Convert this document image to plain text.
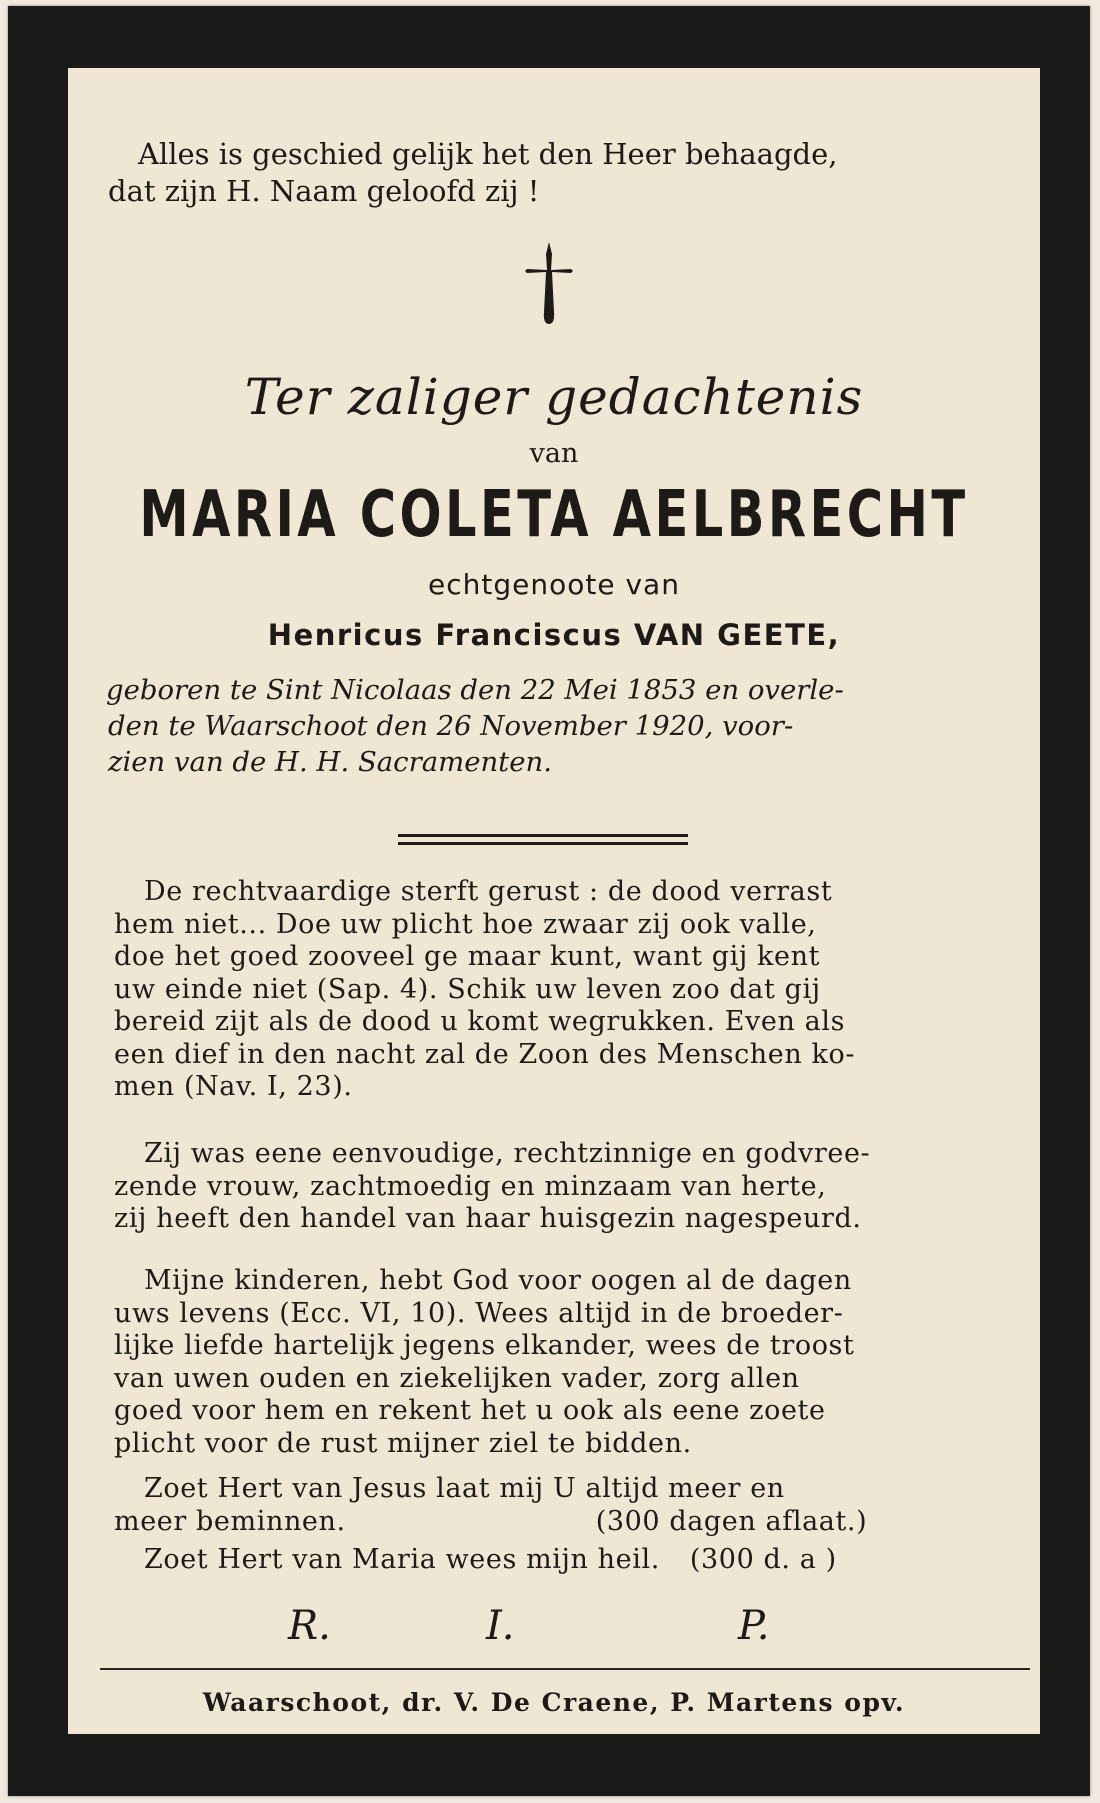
Alles is geschied gelijk het den Heer behaagde,
dat zijn H. Naam geloofd zij !
Ter zaliger gedachtenis
van
MARIA COLETA AELBRECHT
echtgenoote van
Henricus Franciscus VAN GEETE,
geboren te Sint Nicolaas den 22 Mei 1853 en overle-
den te Waarschoot den 26 November 1920, voor-
zien van de H. H. Sacramenten.
De rechtvaardige sterft gerust : de dood verrast
hem niet... Doe uw plicht hoe zwaar zij ook valle,
doe het goed zooveel ge maar kunt, want gij kent
uw einde niet (Sap. 4). Schik uw leven zoo dat gij
bereid zijt als de dood u komt wegrukken. Even als
een dief in den nacht zal de Zoon des Menschen ko-
men (Nav. I, 23).
Zij was eene eenvoudige, rechtzinnige en godvree-
zende vrouw, zachtmoedig en minzaam van herte,
zij heeft den handel van haar huisgezin nagespeurd.
Mijne kinderen, hebt God voor oogen al de dagen
uws levens (Ecc. VI, 10). Wees altijd in de broeder-
lijke liefde hartelijk jegens elkander, wees de troost
van uwen ouden en ziekelijken vader, zorg allen
goed voor hem en rekent het u ook als eene zoete
plicht voor de rust mijner ziel te bidden.
Zoet Hert van Jesus laat mij U altijd meer en
meer beminnen.	(300 dagen aflaat.)
Zoet Hert van Maria wees mijn heil. (300 d. a )
R.	I.	P.
Waarschoot, dr. V. De Craene, P. Martens opv.
